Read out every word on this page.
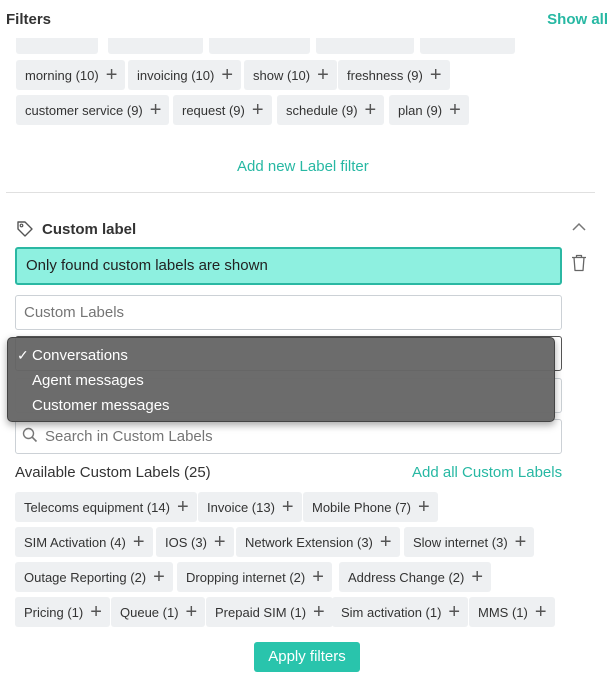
Filters	Show all
morning (10) + invoicing (10) + show (10) + freshness (9) +
customer service (9) + request (9) + schedule (9) + plan (9) +
Add new Label filter
Custom label
Only found custom labels are shown
Custom Labels
Search in Custom Labels
✓ Conversations
Agent messages
Customer messages
Available Custom Labels (25)	Add all Custom Labels
Telecoms equipment (14) + Invoice (13) + Mobile Phone (7) +
SIM Activation (4) + IOS (3) + Network Extension (3) + Slow internet (3) +
Outage Reporting (2) + Dropping internet (2) + Address Change (2) +
Pricing (1) + Queue (1) + Prepaid SIM (1) + Sim activation (1) + MMS (1) +
Apply filters
